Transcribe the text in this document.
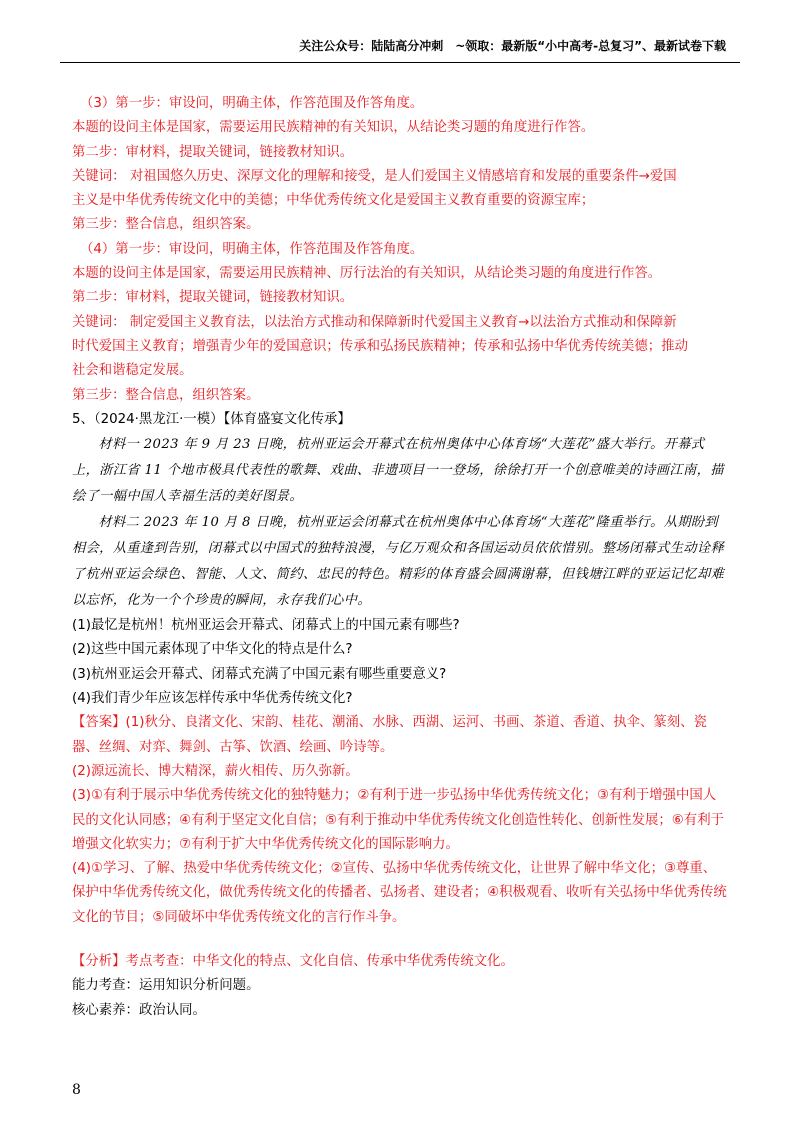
关注公众号：陆陆高分冲刺　~领取：最新版“小中高考-总复习”、最新试卷下载

（3）第一步：审设问，明确主体，作答范围及作答角度。

本题的设问主体是国家，需要运用民族精神的有关知识，从结论类习题的角度进行作答。

第二步：审材料，提取关键词，链接教材知识。

关键词： 对祖国悠久历史、深厚文化的理解和接受，是人们爱国主义情感培育和发展的重要条件→爱国

主义是中华优秀传统文化中的美德；中华优秀传统文化是爱国主义教育重要的资源宝库；

第三步：整合信息，组织答案。

（4）第一步：审设问，明确主体，作答范围及作答角度。

本题的设问主体是国家，需要运用民族精神、厉行法治的有关知识，从结论类习题的角度进行作答。

第二步：审材料，提取关键词，链接教材知识。

关键词： 制定爱国主义教育法，以法治方式推动和保障新时代爱国主义教育→以法治方式推动和保障新

时代爱国主义教育；增强青少年的爱国意识；传承和弘扬民族精神；传承和弘扬中华优秀传统美德；推动

社会和谐稳定发展。

第三步：整合信息，组织答案。

5、（2024·黑龙江·一模）【体育盛宴文化传承】

材料一 2023 年 9 月 23 日晚，杭州亚运会开幕式在杭州奥体中心体育场“大莲花”盛大举行。开幕式上，浙江省 11 个地市极具代表性的歌舞、戏曲、非遗项目一一登场，徐徐打开一个创意唯美的诗画江南，描绘了一幅中国人幸福生活的美好图景。

材料二 2023 年 10 月 8 日晚，杭州亚运会闭幕式在杭州奥体中心体育场“大莲花”隆重举行。从期盼到相会，从重逢到告别，闭幕式以中国式的独特浪漫，与亿万观众和各国运动员依依惜别。整场闭幕式生动诠释了杭州亚运会绿色、智能、人文、简约、忠民的特色。精彩的体育盛会圆满谢幕，但钱塘江畔的亚运记忆却难以忘怀，化为一个个珍贵的瞬间，永存我们心中。

(1)最忆是杭州！杭州亚运会开幕式、闭幕式上的中国元素有哪些?

(2)这些中国元素体现了中华文化的特点是什么?

(3)杭州亚运会开幕式、闭幕式充满了中国元素有哪些重要意义?

(4)我们青少年应该怎样传承中华优秀传统文化?

【答案】(1)秋分、良渚文化、宋韵、桂花、潮涌、水脉、西湖、运河、书画、茶道、香道、执伞、篆刻、瓷器、丝绸、对弈、舞剑、古筝、饮酒、绘画、吟诗等。

(2)源远流长、博大精深，薪火相传、历久弥新。

(3)①有利于展示中华优秀传统文化的独特魅力；②有利于进一步弘扬中华优秀传统文化；③有利于增强中国人民的文化认同感；④有利于坚定文化自信；⑤有利于推动中华优秀传统文化创造性转化、创新性发展；⑥有利于增强文化软实力；⑦有利于扩大中华优秀传统文化的国际影响力。

(4)①学习、了解、热爱中华优秀传统文化；②宣传、弘扬中华优秀传统文化，让世界了解中华文化；③尊重、保护中华优秀传统文化，做优秀传统文化的传播者、弘扬者、建设者；④积极观看、收听有关弘扬中华优秀传统文化的节目；⑤同破坏中华优秀传统文化的言行作斗争。

【分析】考点考查：中华文化的特点、文化自信、传承中华优秀传统文化。

能力考查：运用知识分析问题。

核心素养：政治认同。

8
